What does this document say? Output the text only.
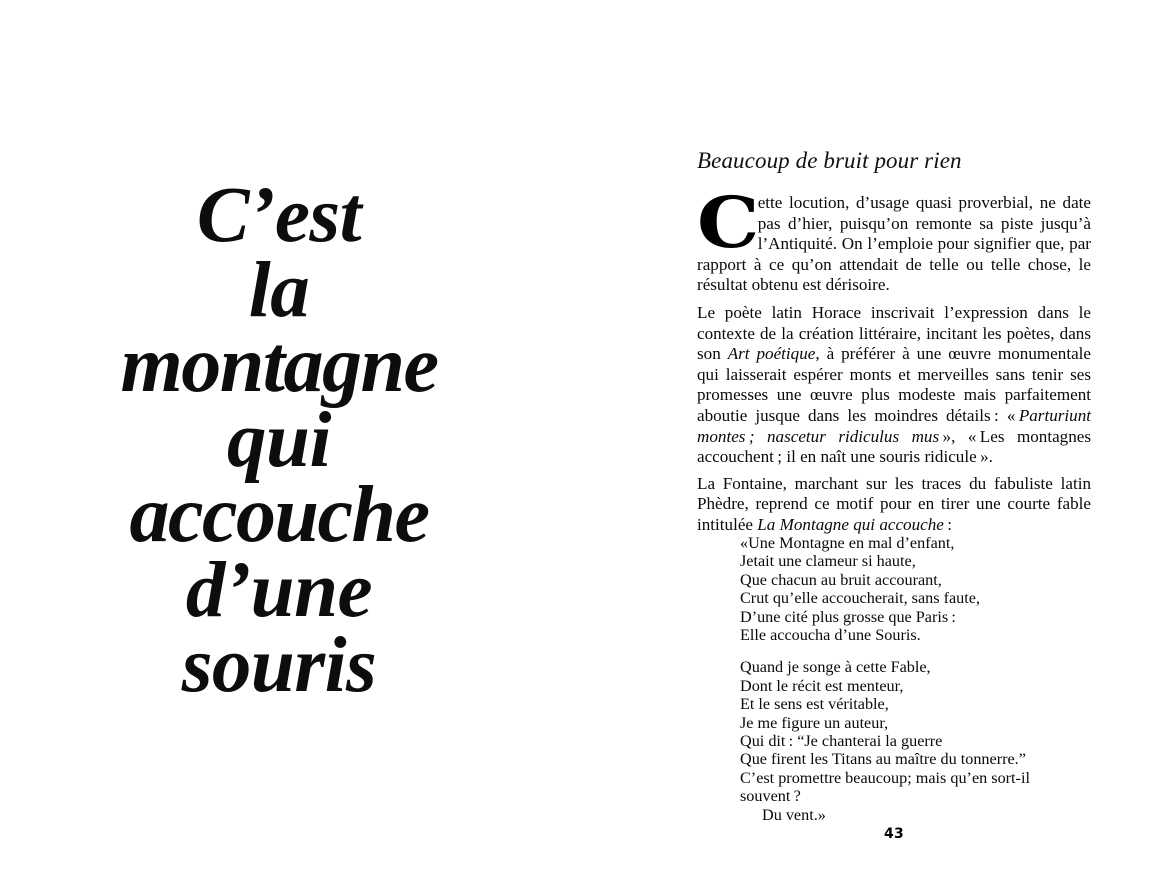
C’est
la
montagne
qui
accouche
d’une
souris
Beaucoup de bruit pour rien

C
ette locution, d’usage quasi proverbial, ne date pas d’hier, puisqu’on remonte sa piste jusqu’à l’Antiquité. On l’emploie pour signifier que, par rapport à ce qu’on attendait de telle ou telle chose, le résultat obtenu est dérisoire.

Le poète latin Horace inscrivait l’expression dans le contexte de la création littéraire, incitant les poètes, dans son Art poétique, à préférer à une œuvre monumentale qui laisserait espérer monts et merveilles sans tenir ses promesses une œuvre plus modeste mais parfaitement aboutie jusque dans les moindres détails : « Parturiunt montes ; nascetur ridiculus mus », « Les montagnes accouchent ; il en naît une souris ridicule ».

La Fontaine, marchant sur les traces du fabuliste latin Phèdre, reprend ce motif pour en tirer une courte fable intitulée La Montagne qui accouche :

«Une Montagne en mal d’enfant,
Jetait une clameur si haute,
Que chacun au bruit accourant,
Crut qu’elle accoucherait, sans faute,
D’une cité plus grosse que Paris :
Elle accoucha d’une Souris.
Quand je songe à cette Fable,
Dont le récit est menteur,
Et le sens est véritable,
Je me figure un auteur,
Qui dit : “Je chanterai la guerre
Que firent les Titans au maître du tonnerre.”
C’est promettre beaucoup; mais qu’en sort-il
souvent ?
Du vent.»
43
